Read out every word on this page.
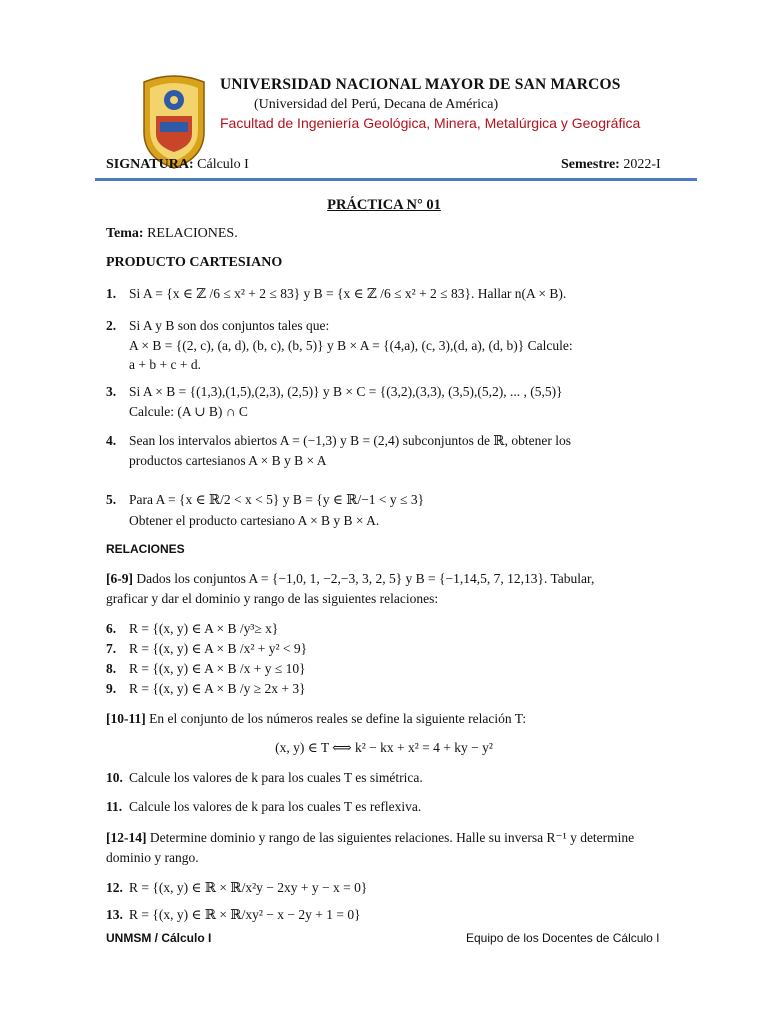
UNIVERSIDAD NACIONAL MAYOR DE SAN MARCOS
(Universidad del Perú, Decana de América)
Facultad de Ingeniería Geológica, Minera, Metalúrgica y Geográfica
SIGNATURA: Cálculo I	Semestre: 2022-I
PRÁCTICA N° 01
Tema: RELACIONES.
PRODUCTO CARTESIANO
1. Si A = {x ∈ ℤ /6 ≤ x² + 2 ≤ 83} y B = {x ∈ ℤ /6 ≤ x² + 2 ≤ 83}. Hallar n(A × B).
2. Si A y B son dos conjuntos tales que:
A × B = {(2, c), (a, d), (b, c), (b, 5)} y B × A = {(4,a), (c, 3),(d, a), (d, b)} Calcule:
a + b + c + d.
3. Si A × B = {(1,3),(1,5),(2,3), (2,5)} y B × C = {(3,2),(3,3), (3,5),(5,2), ... , (5,5)}
Calcule: (A ∪ B) ∩ C
4. Sean los intervalos abiertos A = (−1,3) y B = (2,4) subconjuntos de ℝ, obtener los
productos cartesianos A × B y B × A
5. Para A = {x ∈ ℝ/2 < x < 5} y B = {y ∈ ℝ/−1 < y ≤ 3}
Obtener el producto cartesiano A × B y B × A.
RELACIONES
[6-9] Dados los conjuntos A = {−1,0, 1, −2,−3, 3, 2, 5} y B = {−1,14,5, 7, 12,13}. Tabular,
graficar y dar el dominio y rango de las siguientes relaciones:
6. R = {(x, y) ∈ A × B /y³≥ x}
7. R = {(x, y) ∈ A × B /x² + y² < 9}
8. R = {(x, y) ∈ A × B /x + y ≤ 10}
9. R = {(x, y) ∈ A × B /y ≥ 2x + 3}
[10-11] En el conjunto de los números reales se define la siguiente relación T:
(x, y) ∈ T ⟺ k² − kx + x² = 4 + ky − y²
10. Calcule los valores de k para los cuales T es simétrica.
11. Calcule los valores de k para los cuales T es reflexiva.
[12-14] Determine dominio y rango de las siguientes relaciones. Halle su inversa R⁻¹ y determine
dominio y rango.
12. R = {(x, y) ∈ ℝ × ℝ/x²y − 2xy + y − x = 0}
13. R = {(x, y) ∈ ℝ × ℝ/xy² − x − 2y + 1 = 0}
UNMSM / Cálculo I	Equipo de los Docentes de Cálculo I
